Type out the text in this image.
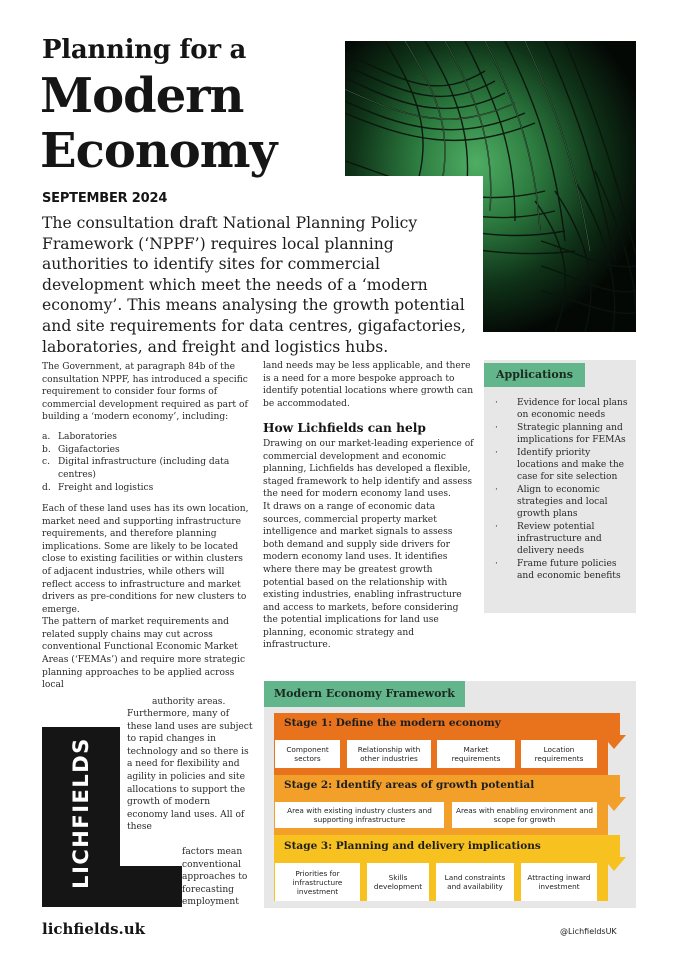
Planning for a
Modern
Economy
SEPTEMBER 2024
The consultation draft National Planning Policy Framework (‘NPPF’) requires local planning authorities to identify sites for commercial development which meet the needs of a ‘modern economy’. This means analysing the growth potential and site requirements for data centres, gigafactories, laboratories, and freight and logistics hubs.

The Government, at paragraph 84b of the consultation NPPF, has introduced a specific requirement to consider four forms of commercial development required as part of building a ‘modern economy’, including:

a. Laboratories
b. Gigafactories
c. Digital infrastructure (including data centres)
d. Freight and logistics

Each of these land uses has its own location, market need and supporting infrastructure requirements, and therefore planning implications. Some are likely to be located close to existing facilities or within clusters of adjacent industries, while others will reflect access to infrastructure and market drivers as pre-conditions for new clusters to emerge.

The pattern of market requirements and related supply chains may cut across conventional Functional Economic Market Areas (‘FEMAs’) and require more strategic planning approaches to be applied across local

authority areas.
Furthermore, many of these land uses are subject to rapid changes in technology and so there is a need for flexibility and agility in policies and site allocations to support the growth of modern economy land uses. All of these
factors mean conventional approaches to forecasting employment
LICHFIELDS

land needs may be less applicable, and there is a need for a more bespoke approach to identify potential locations where growth can be accommodated.

How Lichfields can help

Drawing on our market-leading experience of commercial development and economic planning, Lichfields has developed a flexible, staged framework to help identify and assess the need for modern economy land uses.

It draws on a range of economic data sources, commercial property market intelligence and market signals to assess both demand and supply side drivers for modern economy land uses. It identifies where there may be greatest growth potential based on the relationship with existing industries, enabling infrastructure and access to markets, before considering the potential implications for land use planning, economic strategy and infrastructure.

Applications
·	Evidence for local plans on economic needs
·	Strategic planning and implications for FEMAs
·	Identify priority locations and make the case for site selection
·	Align to economic strategies and local growth plans
·	Review potential infrastructure and delivery needs
·	Frame future policies and economic benefits
Modern Economy Framework
Stage 1: Define the modern economy
Stage 2: Identify areas of growth potential
Stage 3: Planning and delivery implications
Component sectors
Relationship with other industries
Market requirements
Location requirements
Area with existing industry clusters and supporting infrastructure
Areas with enabling environment and scope for growth
Priorities for infrastructure investment
Skills development
Land constraints and availability
Attracting inward investment
lichfields.uk	@LichfieldsUK
